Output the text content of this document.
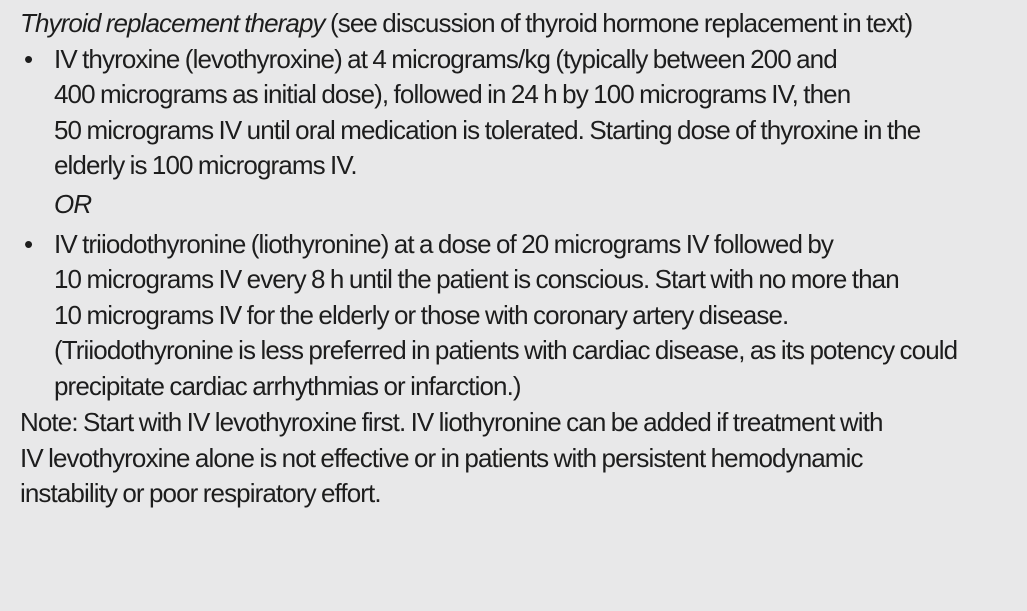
Thyroid replacement therapy (see discussion of thyroid hormone replacement in text)

• IV thyroxine (levothyroxine) at 4 micrograms/kg (typically between 200 and
400 micrograms as initial dose), followed in 24 h by 100 micrograms IV, then
50 micrograms IV until oral medication is tolerated. Starting dose of thyroxine in the
elderly is 100 micrograms IV.
OR
• IV triiodothyronine (liothyronine) at a dose of 20 micrograms IV followed by
10 micrograms IV every 8 h until the patient is conscious. Start with no more than
10 micrograms IV for the elderly or those with coronary artery disease.
(Triiodothyronine is less preferred in patients with cardiac disease, as its potency could
precipitate cardiac arrhythmias or infarction.)

Note: Start with IV levothyroxine first. IV liothyronine can be added if treatment with
IV levothyroxine alone is not effective or in patients with persistent hemodynamic
instability or poor respiratory effort.
